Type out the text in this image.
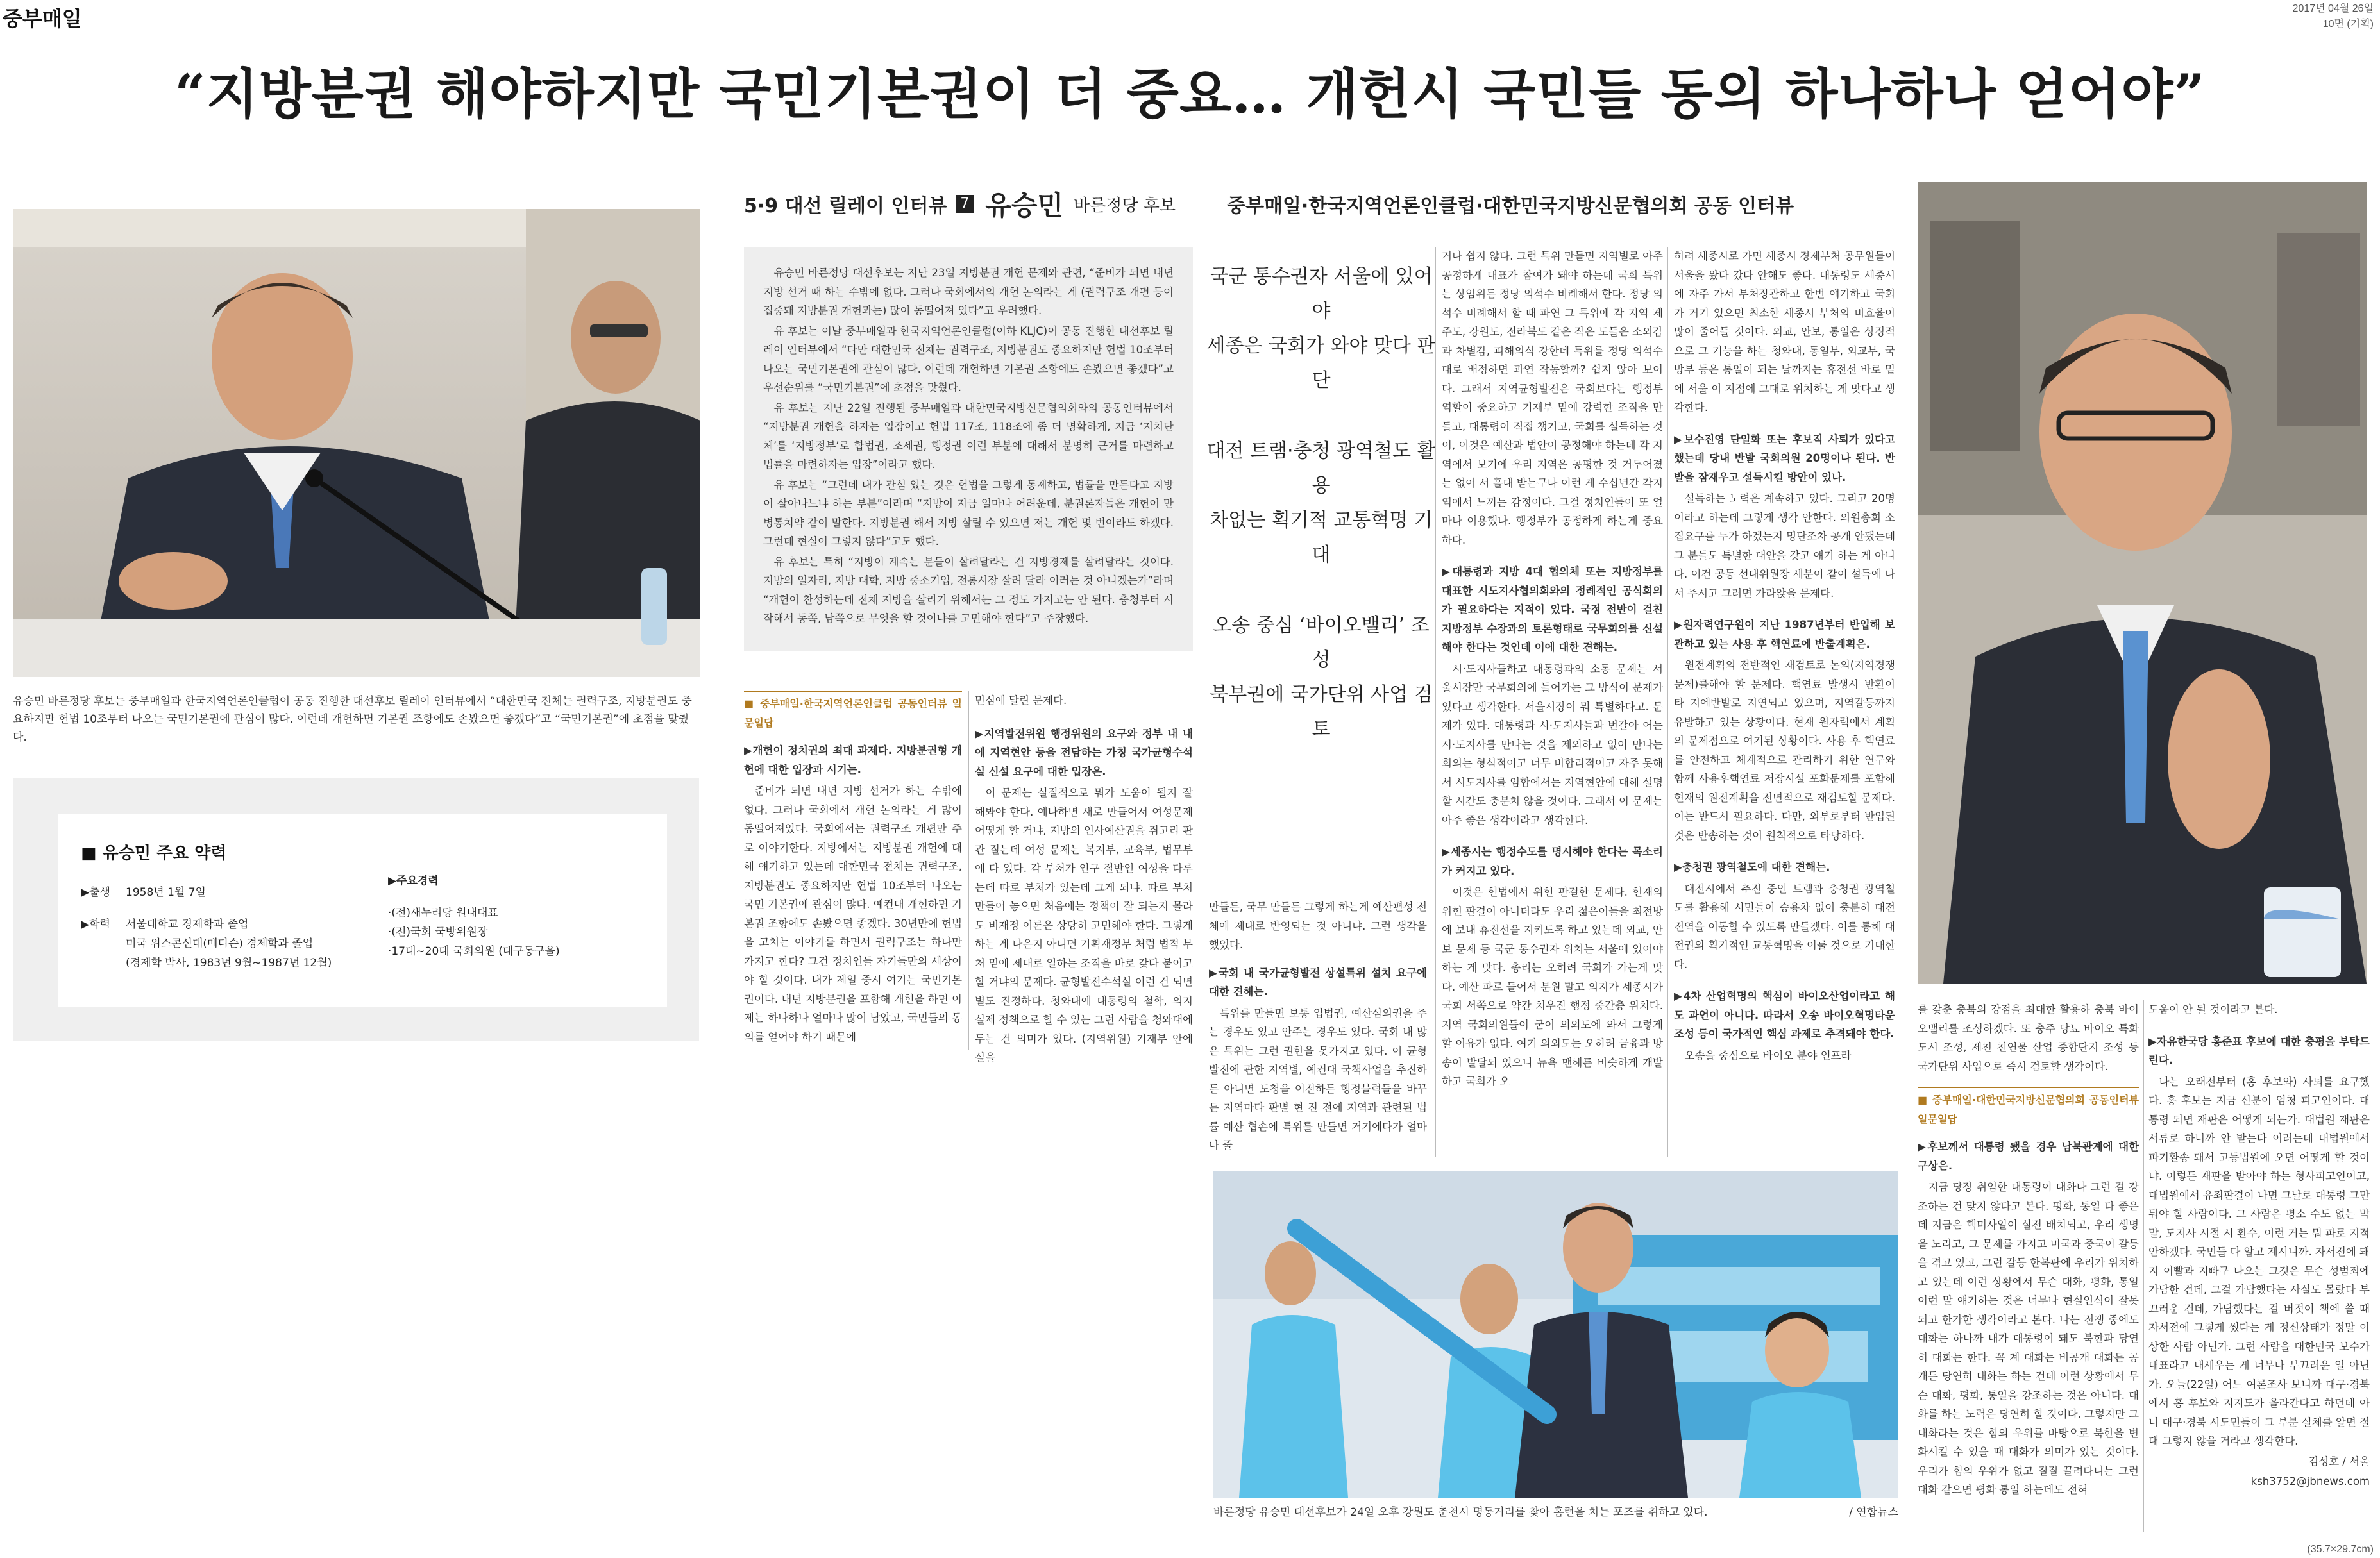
중부매일	2017년 04월 26일
10면 (기획)
“지방분권 해야하지만 국민기본권이 더 중요… 개헌시 국민들 동의 하나하나 얻어야”
5·9 대선 릴레이 인터뷰 7 유승민 바른정당 후보	중부매일·한국지역언론인클럽·대한민국지방신문협의회 공동 인터뷰
유승민 바른정당 후보는 중부매일과 한국지역언론인클럽이 공동 진행한 대선후보 릴레이 인터뷰에서 “대한민국 전체는 권력구조, 지방분권도 중요하지만 헌법 10조부터 나오는 국민기본권에 관심이 많다. 이런데 개헌하면 기본권 조항에도 손봤으면 좋겠다”고 “국민기본권”에 초점을 맞췄다.
■ 유승민 주요 약력
▶출생	1958년 1월 7일
▶학력	서울대학교 경제학과 졸업
미국 위스콘신대(매디슨) 경제학과 졸업
(경제학 박사, 1983년 9월~1987년 12월)
▶주요경력
·(전)새누리당 원내대표
·(전)국회 국방위원장
·17대~20대 국회의원 (대구동구을)

유승민 바른정당 대선후보는 지난 23일 지방분권 개헌 문제와 관련, “준비가 되면 내년 지방 선거 때 하는 수밖에 없다. 그러나 국회에서의 개헌 논의라는 게 (권력구조 개편 등이 집중돼 지방분권 개헌과는) 많이 동떨어져 있다”고 우려했다.

유 후보는 이날 중부매일과 한국지역언론인클럽(이하 KLJC)이 공동 진행한 대선후보 릴레이 인터뷰에서 “다만 대한민국 전체는 권력구조, 지방분권도 중요하지만 헌법 10조부터 나오는 국민기본권에 관심이 많다. 이런데 개헌하면 기본권 조항에도 손봤으면 좋겠다”고 우선순위를 “국민기본권”에 초점을 맞췄다.

유 후보는 지난 22일 진행된 중부매일과 대한민국지방신문협의회와의 공동인터뷰에서 “지방분권 개헌을 하자는 입장이고 헌법 117조, 118조에 좀 더 명확하게, 지금 ‘지치단체’를 ‘지방정부’로 합법권, 조세권, 행정권 이런 부분에 대해서 분명히 근거를 마련하고 법률을 마련하자는 입장”이라고 했다.

유 후보는 “그런데 내가 관심 있는 것은 헌법을 그렇게 통제하고, 법률을 만든다고 지방이 살아나느냐 하는 부분”이라며 “지방이 지금 얼마나 어려운데, 분권론자들은 개헌이 만병통치약 같이 말한다. 지방분권 해서 지방 살릴 수 있으면 저는 개헌 몇 번이라도 하겠다. 그런데 현실이 그렇지 않다”고도 했다.

유 후보는 특히 “지방이 계속는 분들이 살려달라는 건 지방경제를 살려달라는 것이다. 지방의 일자리, 지방 대학, 지방 중소기업, 전통시장 살려 달라 이러는 것 아니겠는가”라며 “개헌이 찬성하는데 전체 지방을 살리기 위해서는 그 정도 가지고는 안 된다. 충청부터 시작해서 동쪽, 남쪽으로 무엇을 할 것이냐를 고민해야 한다”고 주장했다.

국군 통수권자 서울에 있어야
세종은 국회가 와야 맞다 판단
대전 트램·충청 광역철도 활용
차없는 획기적 교통혁명 기대
오송 중심 ‘바이오밸리’ 조성
북부권에 국가단위 사업 검토

■ 중부매일·한국지역언론인클럽 공동인터뷰 일문일답

▶개헌이 정치권의 최대 과제다. 지방분권형 개헌에 대한 입장과 시기는.

준비가 되면 내년 지방 선거가 하는 수밖에 없다. 그러나 국회에서 개헌 논의라는 게 많이 동떨어져있다. 국회에서는 권력구조 개편만 주로 이야기한다. 지방에서는 지방분권 개헌에 대해 얘기하고 있는데 대한민국 전체는 권력구조, 지방분권도 중요하지만 헌법 10조부터 나오는 국민 기본권에 관심이 많다. 예컨대 개헌하면 기본권 조항에도 손봤으면 좋겠다. 30년만에 헌법을 고치는 이야기를 하면서 권력구조는 하나만 가지고 한다? 그건 정치인들 자기들만의 세상이야 할 것이다. 내가 제일 중시 여기는 국민기본권이다. 내년 지방분권을 포함해 개헌을 하면 이제는 하나하나 얼마나 많이 남았고, 국민들의 동의를 얻어야 하기 때문에

민심에 달린 문제다.

▶지역발전위원 행정위원의 요구와 정부 내 내에 지역현안 등을 전담하는 가칭 국가균형수석실 신설 요구에 대한 입장은.

이 문제는 실질적으로 뭐가 도움이 될지 잘 해봐야 한다. 예나하면 새로 만들어서 여성문제 어떻게 할 거냐, 지방의 인사예산권을 쥐고리 판관 질는데 여성 문제는 복지부, 교육부, 법무부에 다 있다. 각 부처가 인구 절반인 여성을 다루는데 따로 부처가 있는데 그게 되냐. 따로 부처 만들어 놓으면 처음에는 정책이 잘 되는지 몰라도 비재정 이론은 상당히 고민해야 한다. 그렇게 하는 게 나은지 아니면 기획재정부 처럼 법적 부처 밑에 제대로 일하는 조직을 바로 갖다 붙이고 할 거냐의 문제다. 균형발전수석실 이런 건 되면 별도 진정하다. 청와대에 대통령의 철학, 의지 실제 정책으로 할 수 있는 그런 사람을 청와대에 두는 건 의미가 있다. (지역위원) 기재부 안에 실을

만들든, 국무 만들든 그렇게 하는게 예산편성 전체에 제대로 반영되는 것 아니냐. 그런 생각을 했었다.

▶국회 내 국가균형발전 상설특위 설치 요구에 대한 견해는.

특위를 만들면 보통 입법권, 예산심의권을 주는 경우도 있고 안주는 경우도 있다. 국회 내 많은 특위는 그런 권한을 못가지고 있다. 이 균형발전에 관한 지역별, 예컨대 국책사업을 추진하든 아니면 도청을 이전하든 행정블럭들을 바꾸든 지역마다 판별 현 진 전에 지역과 관련된 법률 예산 협손에 특위를 만들면 거기에다가 얼마나 줄

거나 쉽지 않다. 그런 특위 만들면 지역별로 아주 공정하게 대표가 참여가 돼야 하는데 국회 특위는 상임위든 정당 의석수 비례해서 한다. 정당 의석수 비례해서 할 때 파연 그 특위에 각 지역 제주도, 강원도, 전라북도 같은 작은 도들은 소외감과 차별감, 피해의식 강한데 특위를 정당 의석수대로 배정하면 과연 작동할까? 쉽지 않아 보이다. 그래서 지역균형발전은 국회보다는 행정부 역할이 중요하고 기재부 밑에 강력한 조직을 만들고, 대통령이 직접 챙기고, 국회를 설득하는 것이, 이것은 예산과 법안이 공정해야 하는데 각 지역에서 보기에 우리 지역은 공평한 것 거두어졌는 없어 서 홀대 받는구나 이런 게 수십년간 각지역에서 느끼는 감정이다. 그걸 정치인들이 또 얼마나 이용했나. 행정부가 공정하게 하는게 중요하다.

▶대통령과 지방 4대 협의체 또는 지방정부를 대표한 시도지사협의회와의 정례적인 공식회의가 필요하다는 지적이 있다. 국정 전반이 걸친 지방정부 수장과의 토론형태로 국무회의를 신설해야 한다는 것인데 이에 대한 견해는.

시·도지사들하고 대통령과의 소통 문제는 서울시장만 국무회의에 들어가는 그 방식이 문제가 있다고 생각한다. 서울시장이 뭐 특별하다고. 문제가 있다. 대통령과 시·도지사들과 번갈아 어는 시·도지사를 만나는 것을 제외하고 없이 만나는 회의는 형식적이고 너무 비합리적이고 자주 못해서 시도지사를 임합에서는 지역현안에 대해 설명할 시간도 충분치 않을 것이다. 그래서 이 문제는 아주 좋은 생각이라고 생각한다.

▶세종시는 행정수도를 명시해야 한다는 목소리가 커지고 있다.

이것은 헌법에서 위헌 판결한 문제다. 헌재의 위헌 판결이 아니더라도 우리 젊은이들을 최전방에 보내 휴전선을 지키도록 하고 있는데 외교, 안보 문제 등 국군 통수권자 위치는 서울에 있어야 하는 게 맞다. 총리는 오히려 국회가 가는게 맞다. 예산 파로 들어서 분원 말고 의지가 세종시가 국회 서쪽으로 약간 치우진 행정 중간층 위치다. 지역 국회의원들이 굳이 의외도에 와서 그렇게 할 이유가 없다. 여기 의외도는 오히려 금융과 방송이 발달되 있으니 뉴욕 맨해튼 비슷하게 개발하고 국회가 오

히려 세종시로 가면 세종시 경제부처 공무원들이 서울을 왔다 갔다 안해도 좋다. 대통령도 세종시에 자주 가서 부처장관하고 한번 얘기하고 국회가 거기 있으면 최소한 세종시 부처의 비효율이 많이 줄어들 것이다. 외교, 안보, 통일은 상징적으로 그 기능을 하는 청와대, 통일부, 외교부, 국방부 등은 통일이 되는 날까지는 휴전선 바로 밑에 서울 이 지점에 그대로 위치하는 게 맞다고 생각한다.

▶보수진영 단일화 또는 후보직 사퇴가 있다고 했는데 당내 반발 국회의원 20명이나 된다. 반발을 잠재우고 설득시킬 방안이 있나.

설득하는 노력은 계속하고 있다. 그리고 20명이라고 하는데 그렇게 생각 안한다. 의원총회 소집요구를 누가 하겠는지 명단조차 공개 안됐는데 그 분들도 특별한 대안을 갖고 얘기 하는 게 아니다. 이건 공동 선대위원장 세분이 같이 설득에 나서 주시고 그러면 가라앉을 문제다.

▶원자력연구원이 지난 1987년부터 반입해 보관하고 있는 사용 후 핵연료에 반출계획은.

원전계획의 전반적인 재검토로 논의(지역경쟁문제)를해야 할 문제다. 핵연료 발생시 반환이 타 지에반발로 지연되고 있으며, 지역갈등까지 유발하고 있는 상황이다. 현재 원자력에서 계획의 문제점으로 여기된 상황이다. 사용 후 핵연료를 안전하고 체계적으로 관리하기 위한 연구와 함께 사용후핵연료 저장시설 포화문제를 포함해 현재의 원전계획을 전면적으로 재검토할 문제다. 이는 반드시 필요하다. 다만, 외부로부터 반입된 것은 반송하는 것이 원칙적으로 타당하다.

▶충청권 광역철도에 대한 견해는.

대전시에서 추진 중인 트램과 충청권 광역철도를 활용해 시민들이 승용차 없이 충분히 대전 전역을 이동할 수 있도록 만들겠다. 이를 통해 대전권의 획기적인 교통혁명을 이룰 것으로 기대한다.

▶4차 산업혁명의 핵심이 바이오산업이라고 해도 과언이 아니다. 따라서 오송 바이오혁명타운 조성 등이 국가적인 핵심 과제로 추격돼야 한다.

오송을 중심으로 바이오 분야 인프라

를 갖춘 충북의 강점을 최대한 활용하 충북 바이오밸리를 조성하겠다. 또 충주 당뇨 바이오 특화도시 조성, 제천 천연물 산업 종합단지 조성 등 국가단위 사업으로 즉시 검토할 생각이다.

■ 중부매일·대한민국지방신문협의회 공동인터뷰 일문일답

▶후보께서 대통령 됐을 경우 남북관계에 대한 구상은.

지금 당장 취임한 대통령이 대화나 그런 걸 강조하는 건 맞지 않다고 본다. 평화, 통일 다 좋은데 지금은 핵미사일이 실전 배치되고, 우리 생명을 노리고, 그 문제를 가지고 미국과 중국이 갈등을 겪고 있고, 그런 갈등 한복판에 우리가 위치하고 있는데 이런 상황에서 무슨 대화, 평화, 통일 이런 말 얘기하는 것은 너무나 현실인식이 잘못되고 한가한 생각이라고 본다. 나는 전쟁 중에도 대화는 하나까 내가 대통령이 돼도 북한과 당연히 대화는 한다. 꼭 계 대화는 비공개 대화든 공개든 당연히 대화는 하는 건데 이런 상황에서 무슨 대화, 평화, 통일을 강조하는 것은 아니다. 대화를 하는 노력은 당연히 할 것이다. 그렇지만 그 대화라는 것은 힘의 우위를 바탕으로 북한을 변화시킬 수 있을 때 대화가 의미가 있는 것이다. 우리가 힘의 우위가 없고 질질 끌려다니는 그런 대화 같으면 평화 통일 하는데도 전혀

도움이 안 될 것이라고 본다.

▶자유한국당 홍준표 후보에 대한 충평을 부탁드린다.

나는 오래전부터 (홍 후보와) 사퇴를 요구했다. 홍 후보는 지금 신분이 엄청 피고인이다. 대통령 되면 재판은 어떻게 되는가. 대법원 재판은 서류로 하니까 안 받는다 이러는데 대법원에서 파기환송 돼서 고등법원에 오면 어떻게 할 것이냐. 이렇든 재판을 받아야 하는 형사피고인이고, 대법원에서 유죄판결이 나면 그날로 대통령 그만 둬야 할 사람이다. 그 사람은 평소 수도 없는 막말, 도지사 시절 시 환수, 이런 거는 뭐 파로 지적 안하겠다. 국민들 다 알고 계시니까. 자서전에 돼지 이빨과 지빠구 나오는 그것은 무슨 성범죄에 가담한 건데, 그걸 가담했다는 사실도 몰랐다 부끄러운 건데, 가담했다는 걸 버젓이 책에 쓸 때 자서전에 그렇게 썼다는 게 정신상태가 정말 이상한 사람 아닌가. 그런 사람을 대한민국 보수가 대표라고 내세우는 게 너무나 부끄러운 일 아닌가. 오늘(22일) 어느 여론조사 보니까 대구·경북에서 홍 후보와 지지도가 올라간다고 하던데 아니 대구·경북 시도민들이 그 부분 실체를 알면 절대 그렇지 않을 거라고 생각한다.

김성호 / 서울

ksh3752@jbnews.com

바른정당 유승민 대선후보가 24일 오후 강원도 춘천시 명동거리를 찾아 홈런을 치는 포즈를 취하고 있다.	/ 연합뉴스
(35.7×29.7cm)
